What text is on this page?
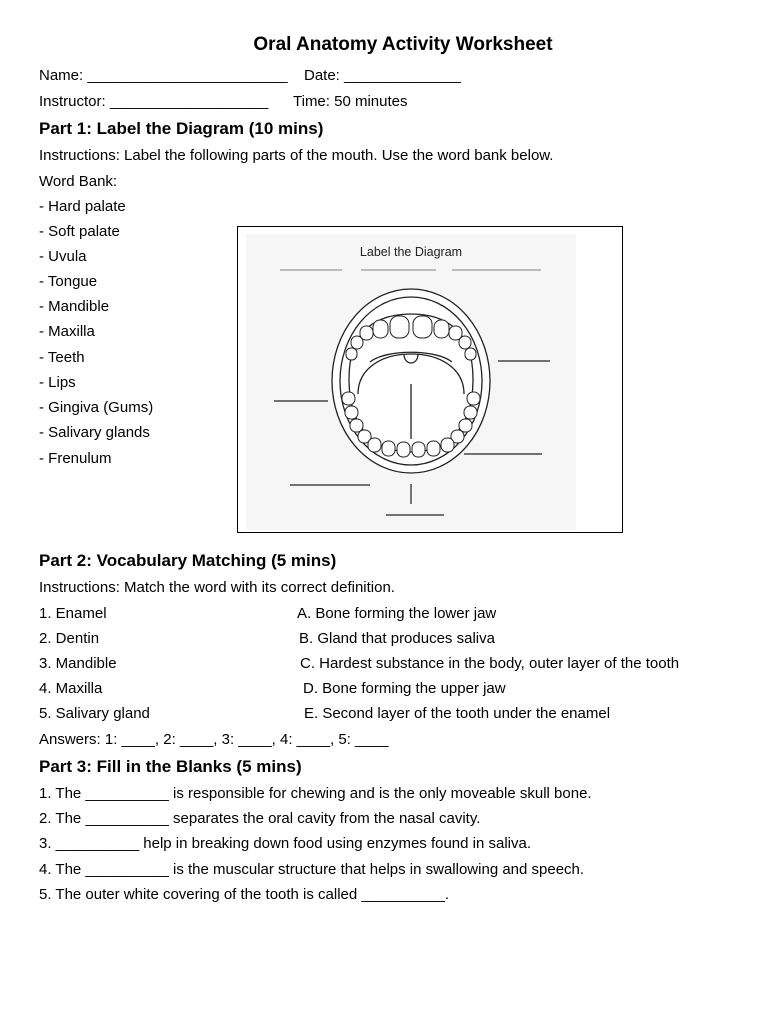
Oral Anatomy Activity Worksheet
Name: ________________________ Date: ______________
Instructor: ___________________ Time: 50 minutes
Part 1: Label the Diagram (10 mins)
Instructions: Label the following parts of the mouth. Use the word bank below.
Word Bank:
- Hard palate
- Soft palate
- Uvula
- Tongue
- Mandible
- Maxilla
- Teeth
- Lips
- Gingiva (Gums)
- Salivary glands
- Frenulum
Label the Diagram
Part 2: Vocabulary Matching (5 mins)
Instructions: Match the word with its correct definition.
1. Enamel
2. Dentin
3. Mandible
4. Maxilla
5. Salivary gland
A. Bone forming the lower jaw
B. Gland that produces saliva
C. Hardest substance in the body, outer layer of the tooth
D. Bone forming the upper jaw
E. Second layer of the tooth under the enamel
Answers: 1: ____, 2: ____, 3: ____, 4: ____, 5: ____
Part 3: Fill in the Blanks (5 mins)
1. The __________ is responsible for chewing and is the only moveable skull bone.
2. The __________ separates the oral cavity from the nasal cavity.
3. __________ help in breaking down food using enzymes found in saliva.
4. The __________ is the muscular structure that helps in swallowing and speech.
5. The outer white covering of the tooth is called __________.
